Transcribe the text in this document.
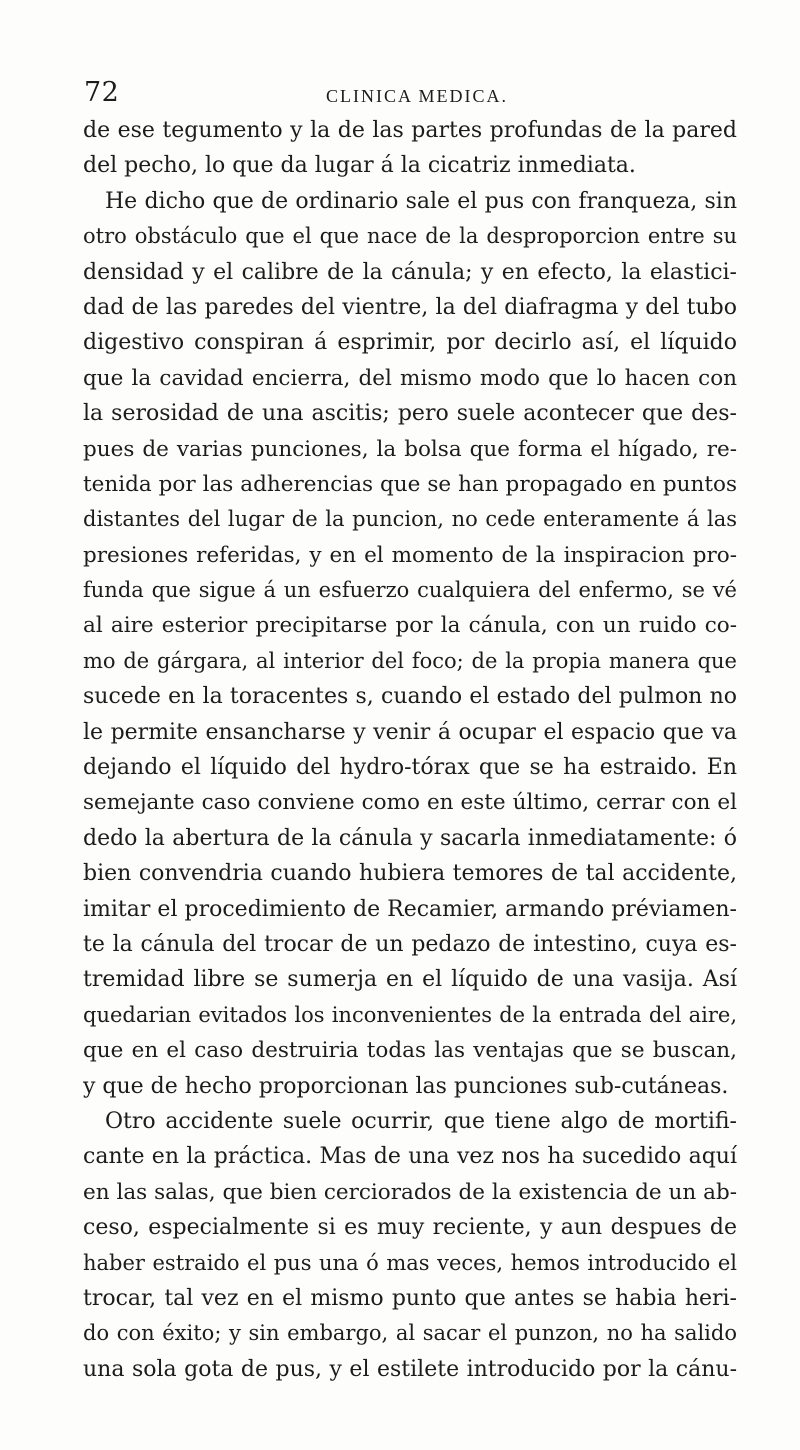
72	CLINICA MEDICA.
de ese tegumento y la de las partes profundas de la pared
del pecho, lo que da lugar á la cicatriz inmediata.
He dicho que de ordinario sale el pus con franqueza, sin
otro obstáculo que el que nace de la desproporcion entre su
densidad y el calibre de la cánula; y en efecto, la elastici-
dad de las paredes del vientre, la del diafragma y del tubo
digestivo conspiran á esprimir, por decirlo así, el líquido
que la cavidad encierra, del mismo modo que lo hacen con
la serosidad de una ascitis; pero suele acontecer que des-
pues de varias punciones, la bolsa que forma el hígado, re-
tenida por las adherencias que se han propagado en puntos
distantes del lugar de la puncion, no cede enteramente á las
presiones referidas, y en el momento de la inspiracion pro-
funda que sigue á un esfuerzo cualquiera del enfermo, se vé
al aire esterior precipitarse por la cánula, con un ruido co-
mo de gárgara, al interior del foco; de la propia manera que
sucede en la toracentes s, cuando el estado del pulmon no
le permite ensancharse y venir á ocupar el espacio que va
dejando el líquido del hydro-tórax que se ha estraido. En
semejante caso conviene como en este último, cerrar con el
dedo la abertura de la cánula y sacarla inmediatamente: ó
bien convendria cuando hubiera temores de tal accidente,
imitar el procedimiento de Recamier, armando préviamen-
te la cánula del trocar de un pedazo de intestino, cuya es-
tremidad libre se sumerja en el líquido de una vasija. Así
quedarian evitados los inconvenientes de la entrada del aire,
que en el caso destruiria todas las ventajas que se buscan,
y que de hecho proporcionan las punciones sub-cutáneas.
Otro accidente suele ocurrir, que tiene algo de mortifi-
cante en la práctica. Mas de una vez nos ha sucedido aquí
en las salas, que bien cerciorados de la existencia de un ab-
ceso, especialmente si es muy reciente, y aun despues de
haber estraido el pus una ó mas veces, hemos introducido el
trocar, tal vez en el mismo punto que antes se habia heri-
do con éxito; y sin embargo, al sacar el punzon, no ha salido
una sola gota de pus, y el estilete introducido por la cánu-
